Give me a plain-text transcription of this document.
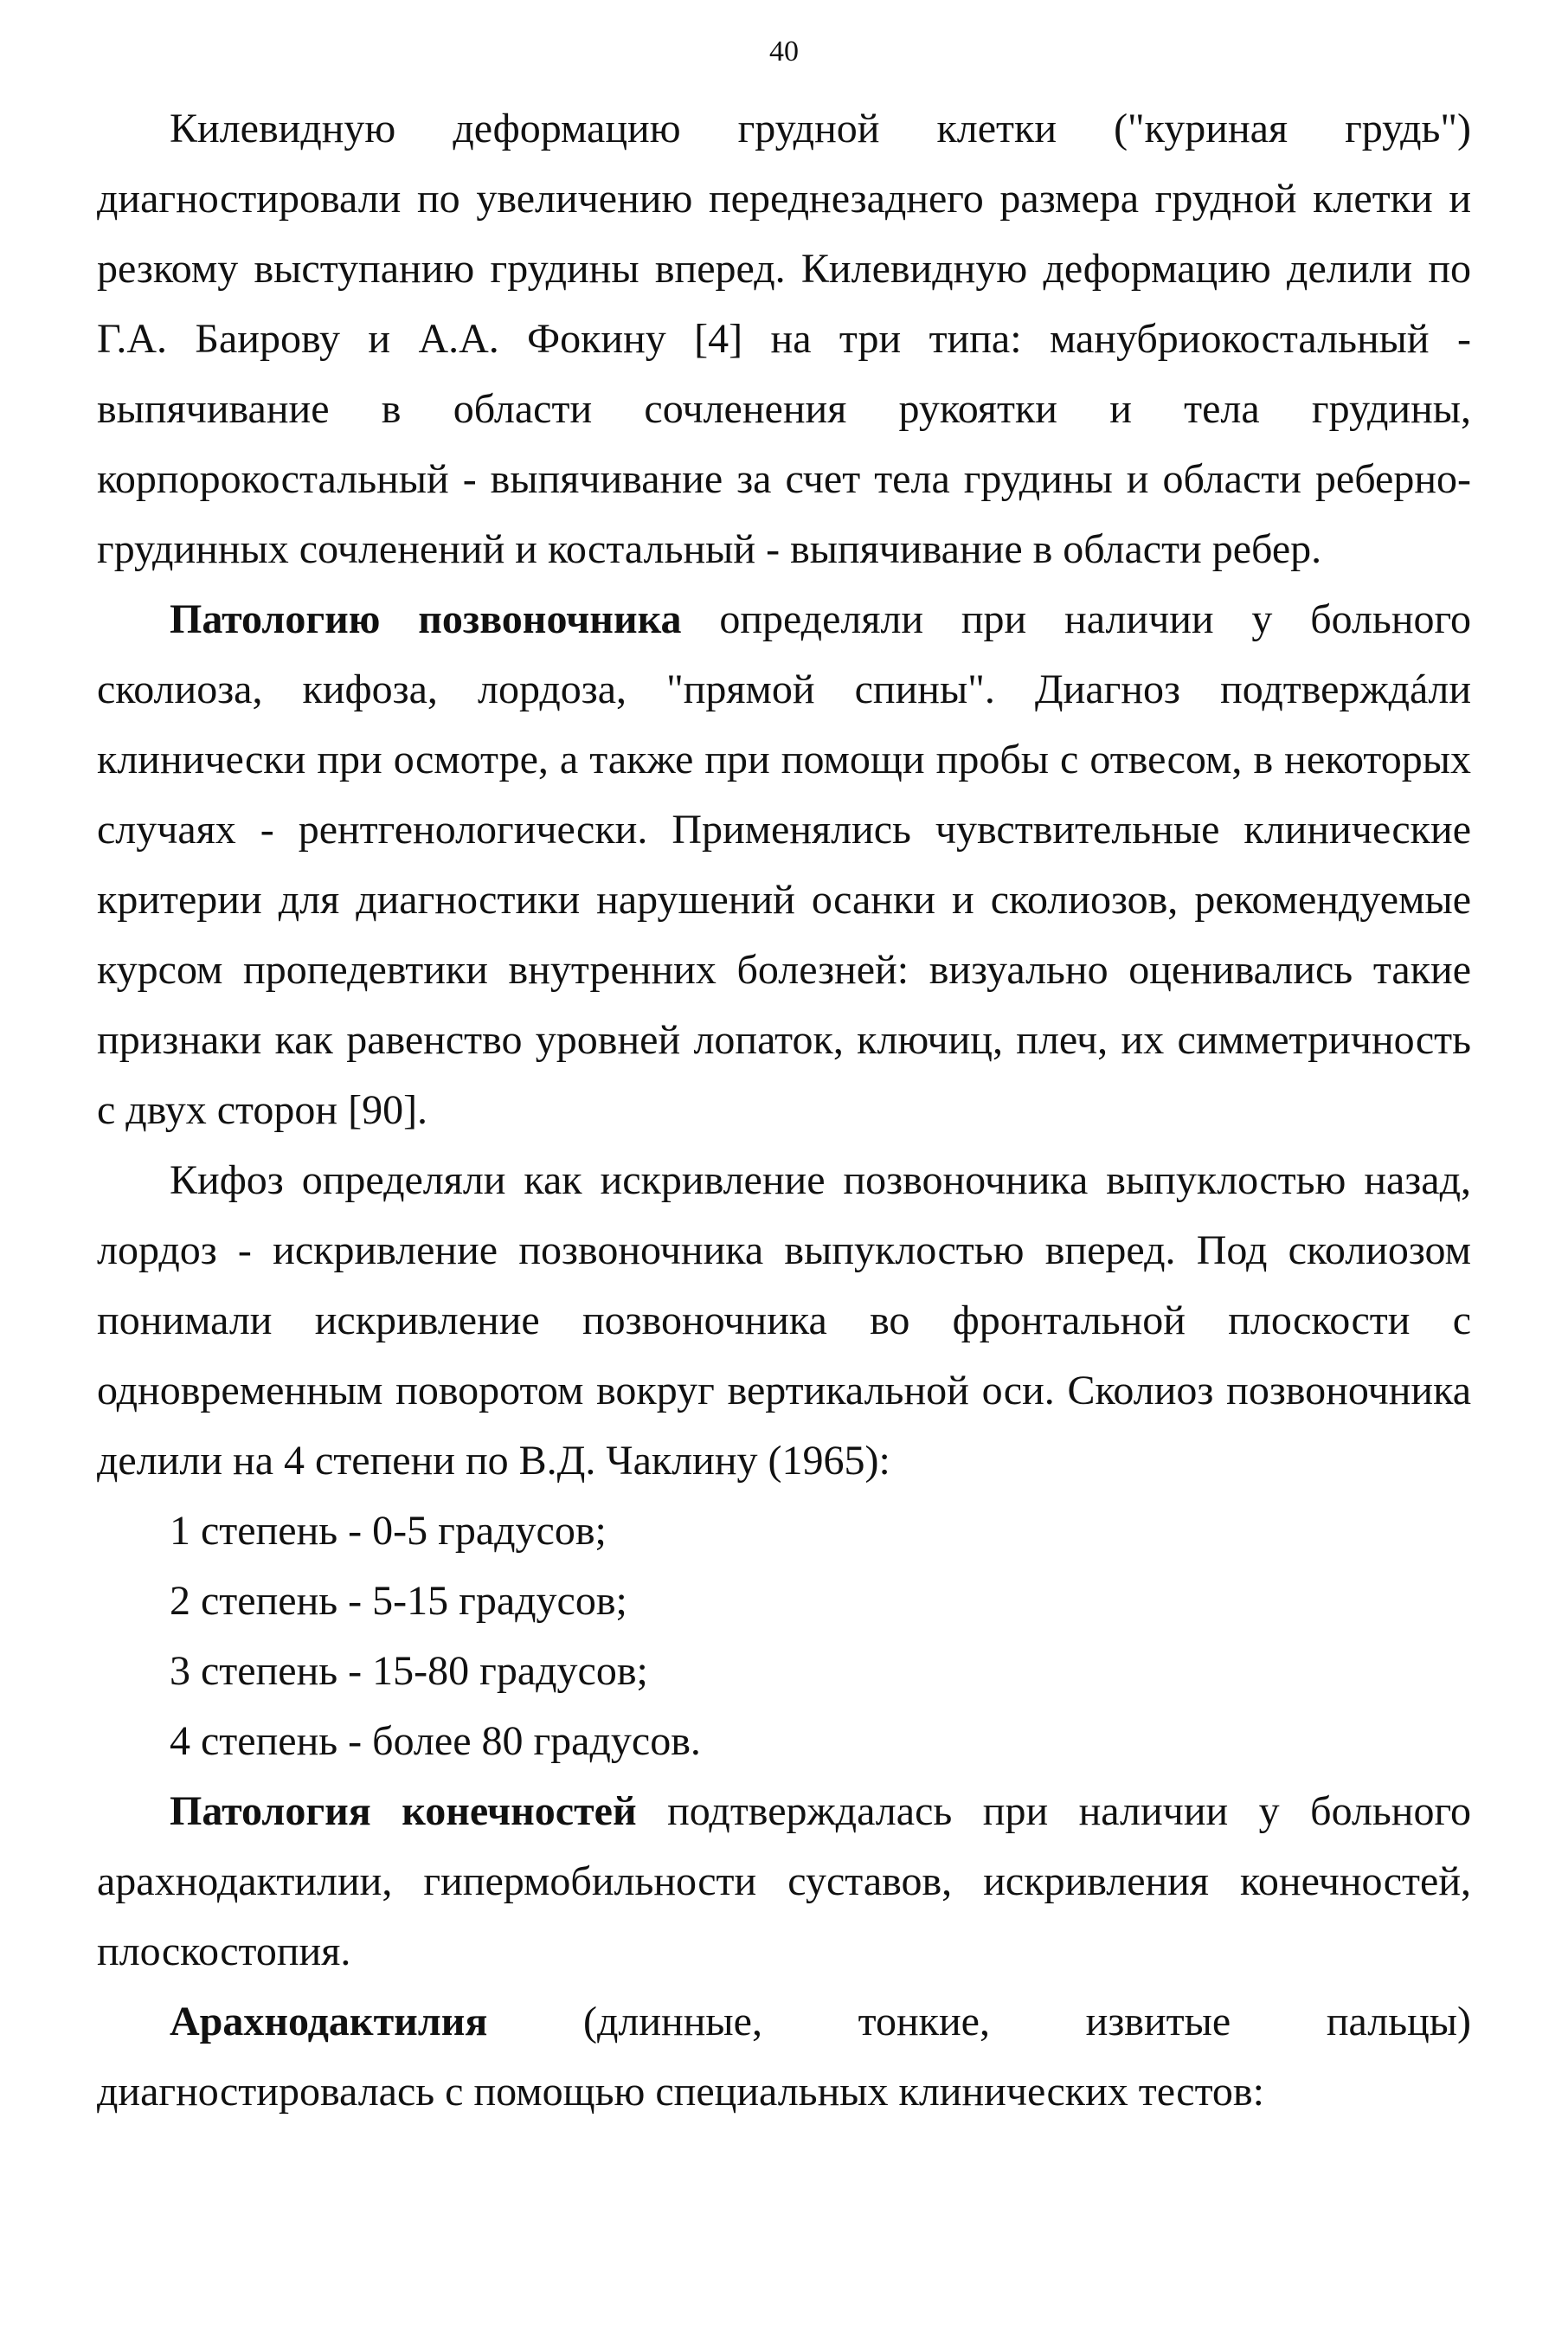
40

Килевидную деформацию грудной клетки ("куриная грудь") диагностировали по увеличению переднезаднего размера грудной клетки и резкому выступанию грудины вперед. Килевидную деформацию делили по Г.А. Баирову и А.А. Фокину [4] на три типа: манубриокостальный - выпячивание в области сочленения рукоятки и тела грудины, корпорокостальный - выпячивание за счет тела грудины и области реберно-грудинных сочленений и костальный - выпячивание в области ребер.

Патологию позвоночника определяли при наличии у больного сколиоза, кифоза, лордоза, "прямой спины". Диагноз подтверждáли клинически при осмотре, а также при помощи пробы с отвесом, в некоторых случаях - рентгенологически. Применялись чувствительные клинические критерии для диагностики нарушений осанки и сколиозов, рекомендуемые курсом пропедевтики внутренних болезней: визуально оценивались такие признаки как равенство уровней лопаток, ключиц, плеч, их симметричность с двух сторон [90].

Кифоз определяли как искривление позвоночника выпуклостью назад, лордоз - искривление позвоночника выпуклостью вперед. Под сколиозом понимали искривление позвоночника во фронтальной плоскости с одновременным поворотом вокруг вертикальной оси. Сколиоз позвоночника делили на 4 степени по В.Д. Чаклину (1965):

1 степень - 0-5 градусов;

2 степень - 5-15 градусов;

3 степень - 15-80 градусов;

4 степень - более 80 градусов.

Патология конечностей подтверждалась при наличии у больного арахнодактилии, гипермобильности суставов, искривления конечностей, плоскостопия.

Арахнодактилия (длинные, тонкие, извитые пальцы) диагностировалась с помощью специальных клинических тестов:
